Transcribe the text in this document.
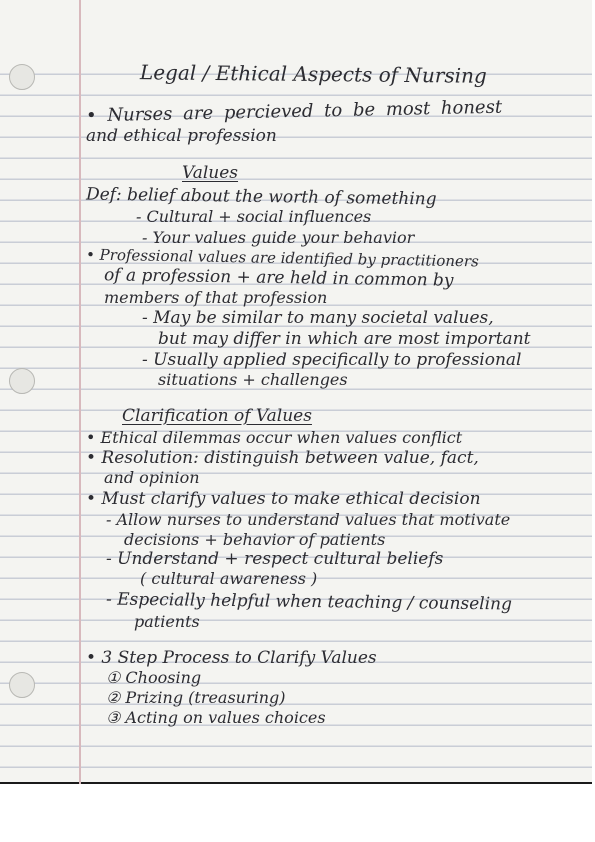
Legal / Ethical Aspects of Nursing
• Nurses are percieved to be most honest
and ethical profession
Values
Def: belief about the worth of something
- Cultural + social influences
- Your values guide your behavior
• Professional values are identified by practitioners
of a profession + are held in common by
members of that profession
- May be similar to many societal values,
but may differ in which are most important
- Usually applied specifically to professional
situations + challenges
Clarification of Values
• Ethical dilemmas occur when values conflict
• Resolution: distinguish between value, fact,
and opinion
• Must clarify values to make ethical decision
- Allow nurses to understand values that motivate
decisions + behavior of patients
- Understand + respect cultural beliefs
( cultural awareness )
- Especially helpful when teaching / counseling
patients
• 3 Step Process to Clarify Values
① Choosing
② Prizing (treasuring)
③ Acting on values choices
